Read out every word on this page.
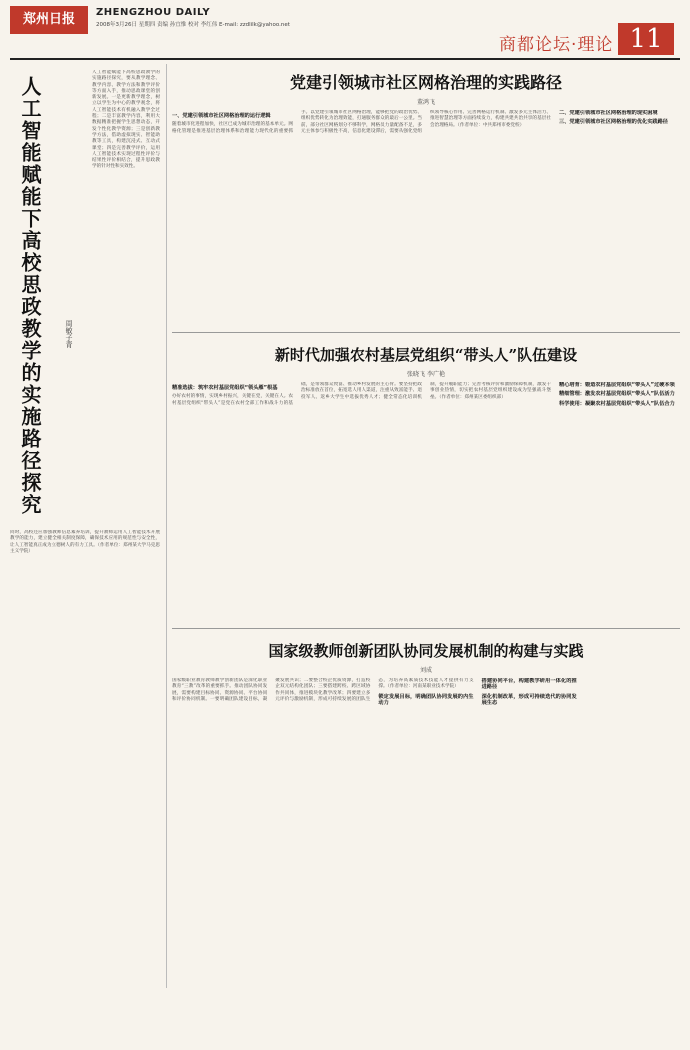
郑州日报	ZHENGZHOU DAILY
2008年3月26日 星期四 责编 孙宜惟 校对 李红伟 E-mail: zzdlilk@yahoo.net
商都论坛·理论 11
人工智能赋能下高校思政教学的实施路径探究	周敏子青
人工智能赋能下高校思政教学的实施路径探究，要从教学理念、教学内容、教学方法和教学评价等方面入手，推动思政课堂的创新发展。一是更新教学理念，树立以学生为中心的教学观念，将人工智能技术有机融入教学全过程；二是丰富教学内容，利用大数据精准把握学生思想动态，开发个性化教学资源；三是创新教学方法，借助虚拟现实、智能助教等工具，构建沉浸式、互动式课堂；四是完善教学评价，运用人工智能技术实现过程性评价与结果性评价相结合，提升思政教学的针对性和实效性。
同时，高校还应加强教师信息素养培训，提升教师运用人工智能技术开展教学的能力，建立健全相关制度保障，确保技术应用的规范性与安全性，让人工智能真正成为立德树人的有力工具。（作者单位：郑州某大学马克思主义学院）
党建引领城市社区网格治理的实践路径
董鸿飞
一、党建引领城市社区网格治理的运行逻辑
随着城市化进程加快，社区已成为城市治理的基本单元。网格化管理是推进基层治理体系和治理能力现代化的重要抓手。以党建引领城市社区网格治理，能够把党的政治优势、组织优势转化为治理效能，打通服务群众的最后一公里。当前，部分社区网格划分不够科学，网格员力量配备不足，多元主体参与积极性不高，信息化建设滞后，需要从强化党组织领导核心作用、完善网格运行机制、激发多元主体活力、推进智慧治理等方面持续发力，构建共建共治共享的基层社会治理格局。（作者单位：中共郑州市委党校）
二、党建引领城市社区网格治理的现实困境
三、党建引领城市社区网格治理的优化实践路径
新时代加强农村基层党组织“带头人”队伍建设
张晓飞 李广艳
精准选拔：筑牢农村基层党组织“领头雁”根基
办好农村的事情，实现乡村振兴，关键在党，关键在人。农村基层党组织“带头人”是党在农村全部工作和战斗力的基础，是带领群众致富、推动乡村发展的主心骨。要坚持把政治标准放在首位，拓宽选人用人渠道，注重从致富能手、退役军人、返乡大学生中选拔优秀人才；健全常态化培训机制，提升履职能力；完善考核评价和激励保障机制，激发干事创业热情，切实把农村基层党组织建设成为坚强战斗堡垒。（作者单位：郑州某区委组织部）
精心培育：锻造农村基层党组织“带头人”过硬本领
精细管理：激发农村基层党组织“带头人”队伍活力
科学使用：凝聚农村基层党组织“带头人”队伍合力
国家级教师创新团队协同发展机制的构建与实践
刘成
国家级职业教育教师教学创新团队是深化职业教育“三教”改革的重要抓手。推动团队协同发展，需要构建目标协同、资源协同、平台协同和评价协同机制。一要明确团队建设目标，凝聚发展共识；二要整合校企优质资源，打造校企双元结构化团队；三要搭建跨校、跨区域协作共同体，推进模块化教学改革；四要建立多元评价与激励机制，形成可持续发展的团队生态，为培养高素质技术技能人才提供有力支撑。（作者单位：河南某职业技术学院）
锁定发展目标，明确团队协同发展的内生动力
搭建协同平台，构建教学研用一体化的推进路径
深化机制改革，形成可持续迭代的协同发展生态
